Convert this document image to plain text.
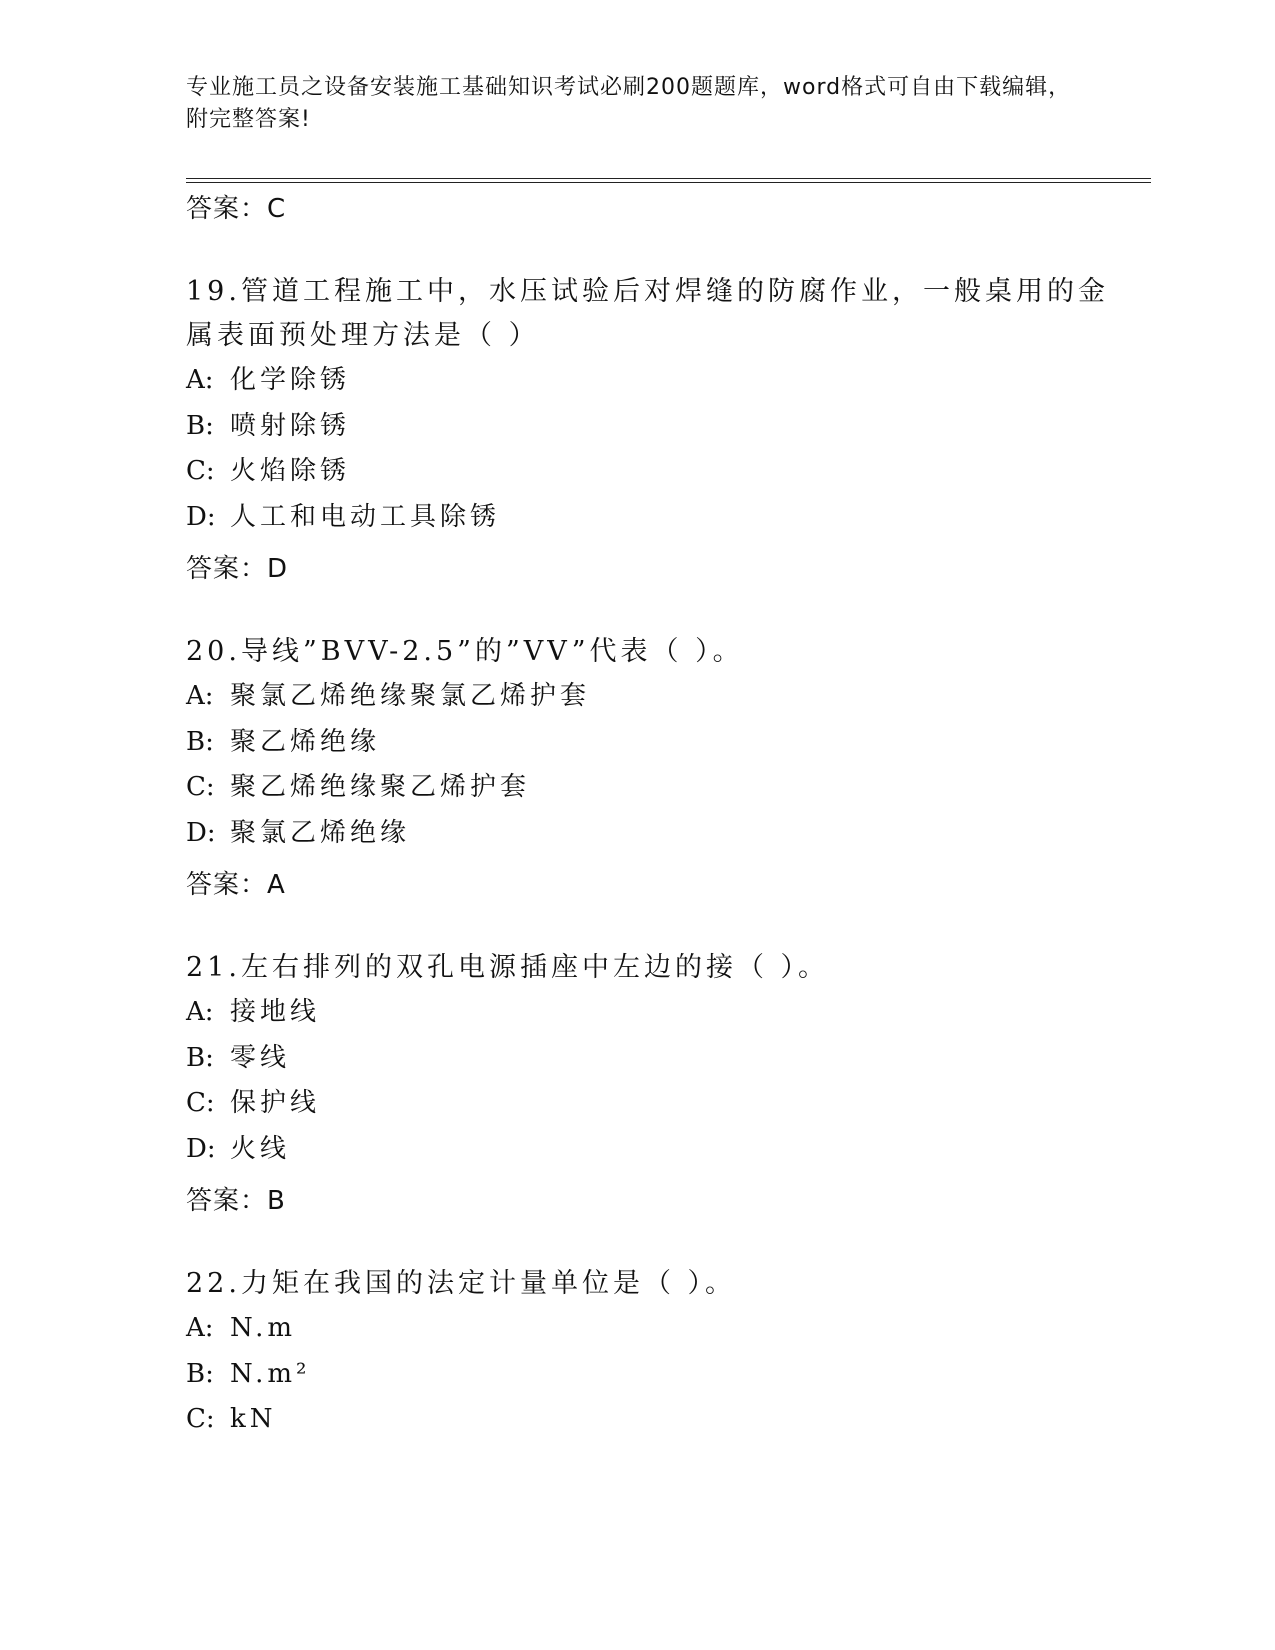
专业施工员之设备安装施工基础知识考试必刷200题题库，word格式可自由下载编辑，附完整答案!
答案：C
19.管道工程施工中，水压试验后对焊缝的防腐作业，一般桌用的金属表面预处理方法是（ ）
A: 化学除锈
B: 喷射除锈
C: 火焰除锈
D: 人工和电动工具除锈
答案：D
20.导线”BVV-2.5”的”VV”代表（ ）。
A: 聚氯乙烯绝缘聚氯乙烯护套
B: 聚乙烯绝缘
C: 聚乙烯绝缘聚乙烯护套
D: 聚氯乙烯绝缘
答案：A
21.左右排列的双孔电源插座中左边的接（ ）。
A: 接地线
B: 零线
C: 保护线
D: 火线
答案：B
22.力矩在我国的法定计量单位是（ ）。
A: N.m
B: N.m²
C: kN
